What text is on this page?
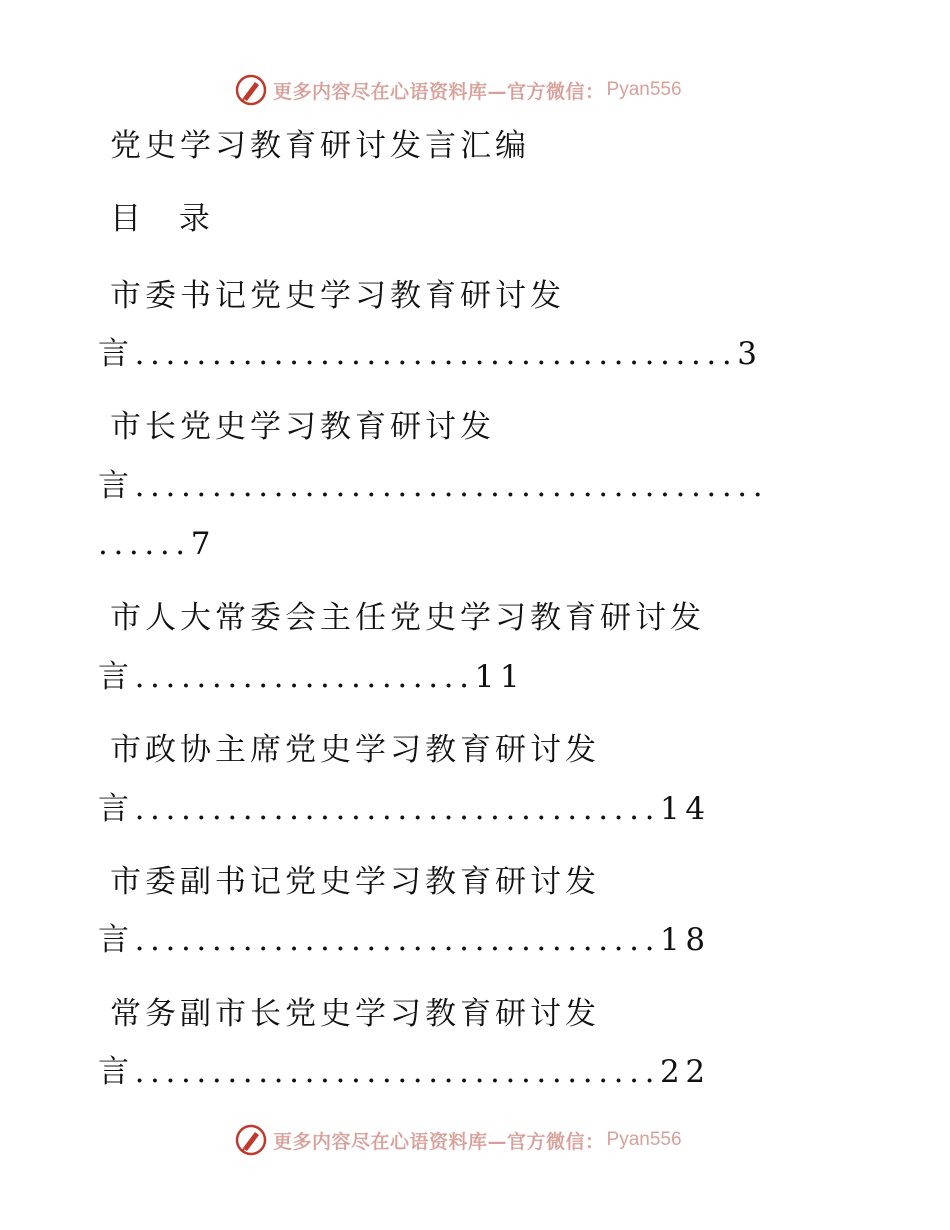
更多内容尽在心语资料库—官方微信： Pyan556
党史学习教育研讨发言汇编
目 录
市委书记党史学习教育研讨发
言.......................................3
市长党史学习教育研讨发
言.........................................
......7
市人大常委会主任党史学习教育研讨发
言......................11
市政协主席党史学习教育研讨发
言..................................14
市委副书记党史学习教育研讨发
言..................................18
常务副市长党史学习教育研讨发
言..................................22
更多内容尽在心语资料库—官方微信： Pyan556
